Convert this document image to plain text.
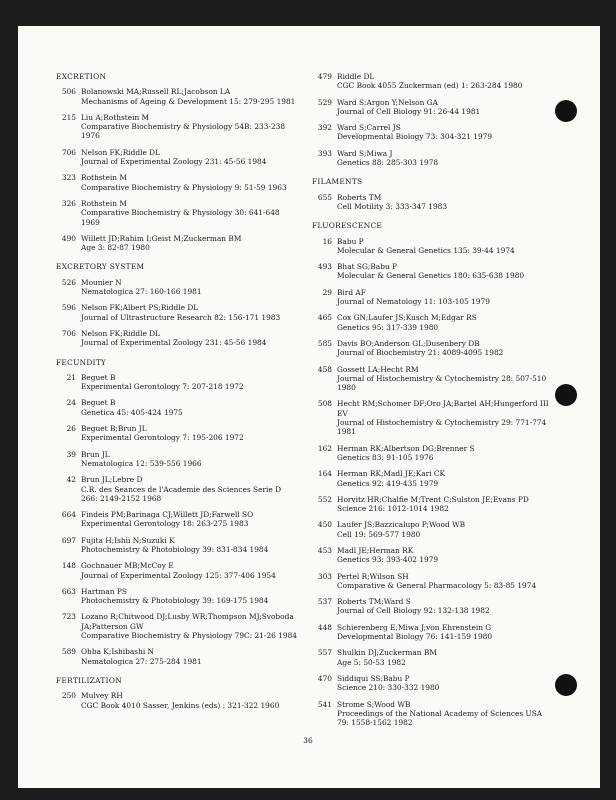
EXCRETION
506 Bolanowski MA;Russell RL;Jacobson LA
Mechanisms of Ageing & Development 15: 279-295 1981
215 Liu A;Rothstein M
Comparative Biochemistry & Physiology 54B: 233-238
1976
706 Nelson FK;Riddle DL
Journal of Experimental Zoology 231: 45-56 1984
323 Rothstein M
Comparative Biochemistry & Physiology 9: 51-59 1963
326 Rothstein M
Comparative Biochemistry & Physiology 30: 641-648
1969
490 Willett JD;Rahim I;Geist M;Zuckerman BM
Age 3: 82-87 1980
EXCRETORY SYSTEM
526 Mounier N
Nematologica 27: 160-166 1981
596 Nelson FK;Albert PS;Riddle DL
Journal of Ultrastructure Research 82: 156-171 1983
706 Nelson FK;Riddle DL
Journal of Experimental Zoology 231: 45-56 1984
FECUNDITY
21 Beguet B
Experimental Gerontology 7: 207-218 1972
24 Beguet B
Genetica 45: 405-424 1975
26 Beguet B;Brun JL
Experimental Gerontology 7: 195-206 1972
39 Brun JL
Nematologica 12: 539-556 1966
42 Brun JL;Lebre D
C.R. des Seances de l'Academie des Sciences Serie D
266: 2149-2152 1968
664 Findeis PM;Barinaga CJ;Willett JD;Farwell SO
Experimental Gerontology 18: 263-275 1983
697 Fujita H;Ishii N;Suzuki K
Photochemistry & Photobiology 39: 831-834 1984
148 Gochnauer MB;McCoy E
Journal of Experimental Zoology 125: 377-406 1954
663 Hartman PS
Photochemistry & Photobiology 39: 169-175 1984
723 Lozano R;Chitwood DJ;Lusby WR;Thompson MJ;Svoboda
JA;Patterson GW
Comparative Biochemistry & Physiology 79C: 21-26 1984
589 Ohba K;Ishibashi N
Nematologica 27: 275-284 1981
FERTILIZATION
250 Mulvey RH
CGC Book 4010 Sasser, Jenkins (eds) : 321-322 1960
479 Riddle DL
CGC Book 4055 Zuckerman (ed) 1: 263-284 1980
529 Ward S;Argon Y;Nelson GA
Journal of Cell Biology 91: 26-44 1981
392 Ward S;Carrel JS
Developmental Biology 73: 304-321 1979
393 Ward S;Miwa J
Genetics 88: 285-303 1978
FILAMENTS
655 Roberts TM
Cell Motility 3: 333-347 1983
FLUORESCENCE
16 Babu P
Molecular & General Genetics 135: 39-44 1974
493 Bhat SG;Babu P
Molecular & General Genetics 180: 635-638 1980
29 Bird AF
Journal of Nematology 11: 103-105 1979
465 Cox GN;Laufer JS;Kusch M;Edgar RS
Genetics 95: 317-339 1980
585 Davis BO;Anderson GL;Dusenbery DB
Journal of Biochemistry 21: 4089-4095 1982
458 Gossett LA;Hecht RM
Journal of Histochemistry & Cytochemistry 28: 507-510
1980
508 Hecht RM;Schomer DF;Oro JA;Bartel AH;Hungerford III
EV
Journal of Histochemistry & Cytochemistry 29: 771-774
1981
162 Herman RK;Albertson DG;Brenner S
Genetics 83: 91-105 1976
164 Herman RK;Madl JE;Kari CK
Genetics 92: 419-435 1979
552 Horvitz HR;Chalfie M;Trent C;Sulston JE;Evans PD
Science 216: 1012-1014 1982
450 Laufer JS;Bazzicalupo P;Wood WB
Cell 19: 569-577 1980
453 Madl JE;Herman RK
Genetics 93: 393-402 1979
303 Pertel R;Wilson SH
Comparative & General Pharmacology 5: 83-85 1974
537 Roberts TM;Ward S
Journal of Cell Biology 92: 132-138 1982
448 Schierenberg E;Miwa J;von Ehrenstein G
Developmental Biology 76: 141-159 1980
557 Shulkin DJ;Zuckerman BM
Age 5: 50-53 1982
470 Siddiqui SS;Babu P
Science 210: 330-332 1980
541 Strome S;Wood WB
Proceedings of the National Academy of Sciences USA
79: 1558-1562 1982
36
